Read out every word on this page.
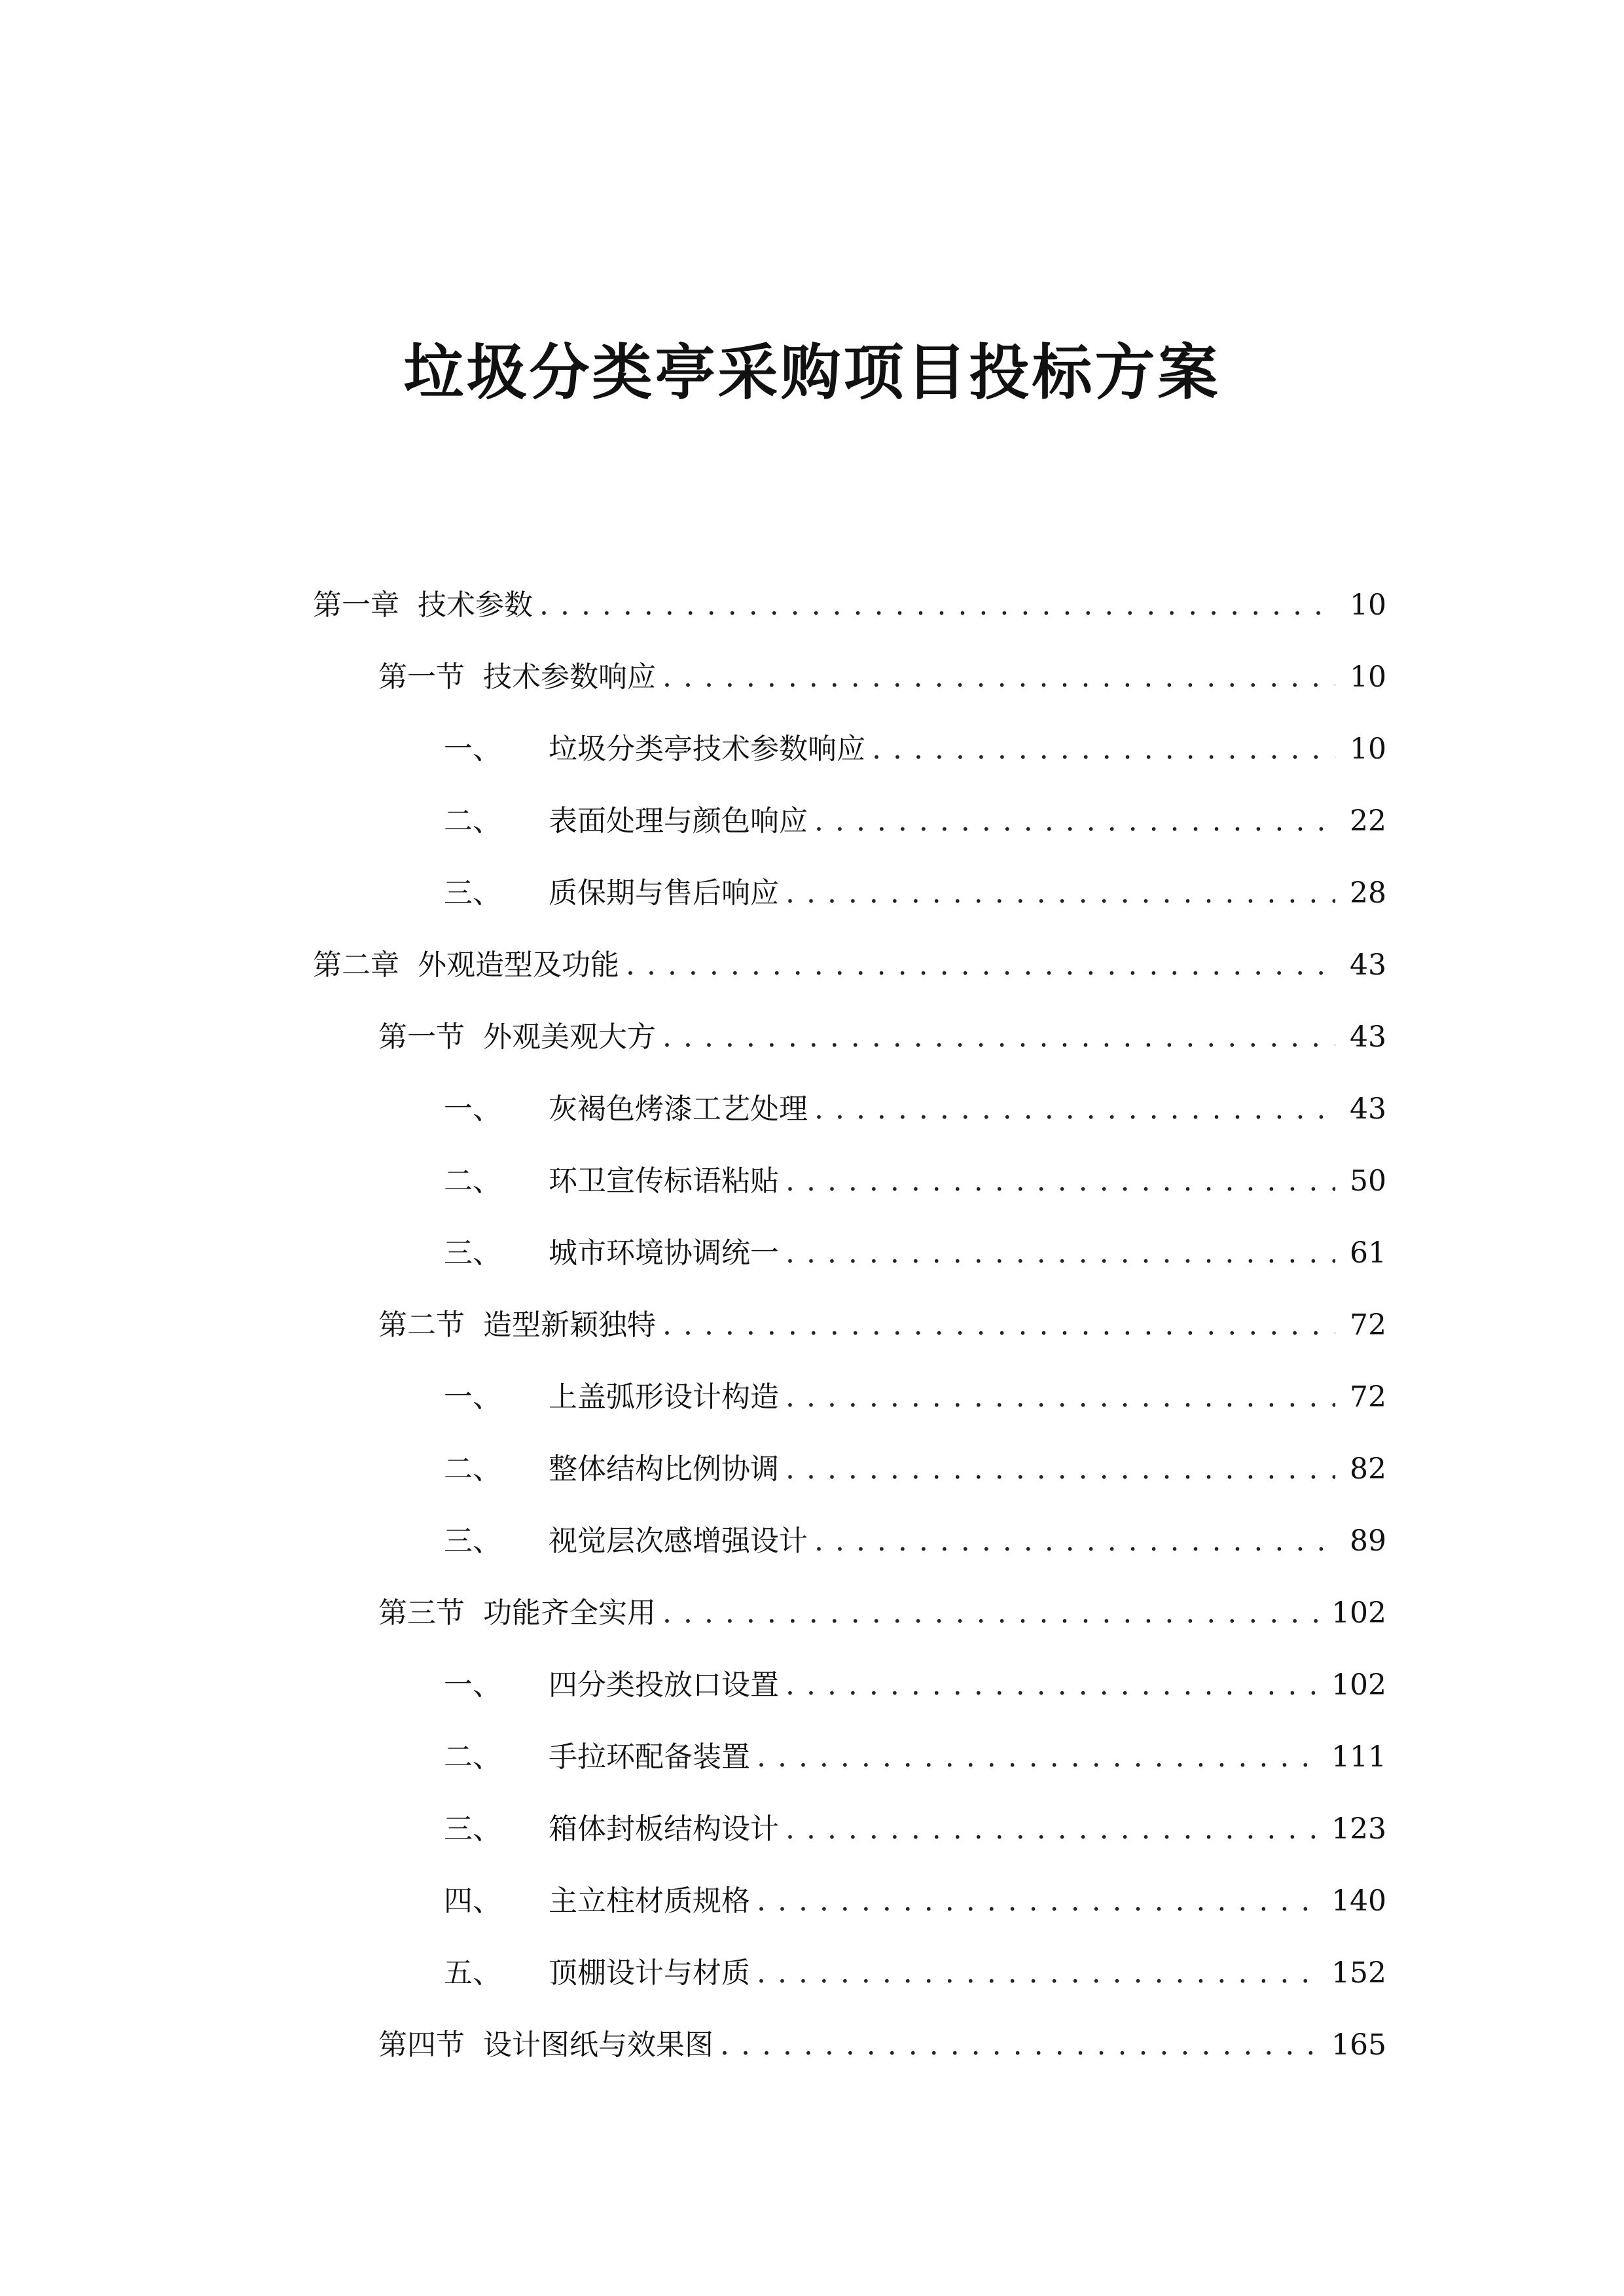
垃圾分类亭采购项目投标方案
第一章 技术参数 . . .	10
第一节 技术参数响应 . . .	10
一、 垃圾分类亭技术参数响应 . . .	10
二、 表面处理与颜色响应 . . .	22
三、 质保期与售后响应 . . .	28
第二章 外观造型及功能 . . .	43
第一节 外观美观大方 . . .	43
一、 灰褐色烤漆工艺处理 . . .	43
二、 环卫宣传标语粘贴 . . .	50
三、 城市环境协调统一 . . .	61
第二节 造型新颖独特 . . .	72
一、 上盖弧形设计构造 . . .	72
二、 整体结构比例协调 . . .	82
三、 视觉层次感增强设计 . . .	89
第三节 功能齐全实用 . . .	102
一、 四分类投放口设置 . . .	102
二、 手拉环配备装置 . . .	111
三、 箱体封板结构设计 . . .	123
四、 主立柱材质规格 . . .	140
五、 顶棚设计与材质 . . .	152
第四节 设计图纸与效果图 . . .	165
